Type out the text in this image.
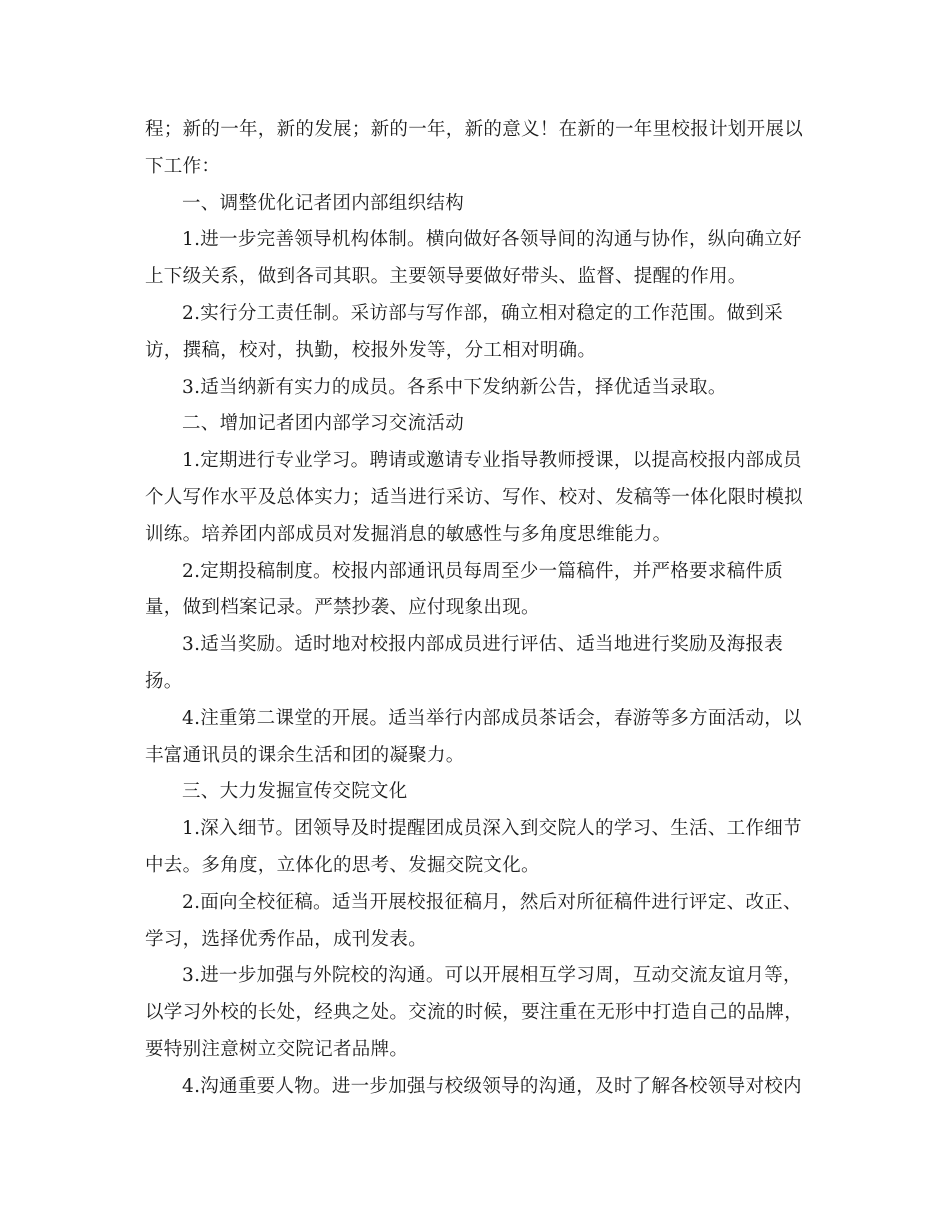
程；新的一年，新的发展；新的一年，新的意义！在新的一年里校报计划开展以
下工作：
一、调整优化记者团内部组织结构
1.进一步完善领导机构体制。横向做好各领导间的沟通与协作，纵向确立好
上下级关系，做到各司其职。主要领导要做好带头、监督、提醒的作用。
2.实行分工责任制。采访部与写作部，确立相对稳定的工作范围。做到采
访，撰稿，校对，执勤，校报外发等，分工相对明确。
3.适当纳新有实力的成员。各系中下发纳新公告，择优适当录取。
二、增加记者团内部学习交流活动
1.定期进行专业学习。聘请或邀请专业指导教师授课，以提高校报内部成员
个人写作水平及总体实力；适当进行采访、写作、校对、发稿等一体化限时模拟
训练。培养团内部成员对发掘消息的敏感性与多角度思维能力。
2.定期投稿制度。校报内部通讯员每周至少一篇稿件，并严格要求稿件质
量，做到档案记录。严禁抄袭、应付现象出现。
3.适当奖励。适时地对校报内部成员进行评估、适当地进行奖励及海报表
扬。
4.注重第二课堂的开展。适当举行内部成员茶话会，春游等多方面活动，以
丰富通讯员的课余生活和团的凝聚力。
三、大力发掘宣传交院文化
1.深入细节。团领导及时提醒团成员深入到交院人的学习、生活、工作细节
中去。多角度，立体化的思考、发掘交院文化。
2.面向全校征稿。适当开展校报征稿月，然后对所征稿件进行评定、改正、
学习，选择优秀作品，成刊发表。
3.进一步加强与外院校的沟通。可以开展相互学习周，互动交流友谊月等，
以学习外校的长处，经典之处。交流的时候，要注重在无形中打造自己的品牌，
要特别注意树立交院记者品牌。
4.沟通重要人物。进一步加强与校级领导的沟通，及时了解各校领导对校内
